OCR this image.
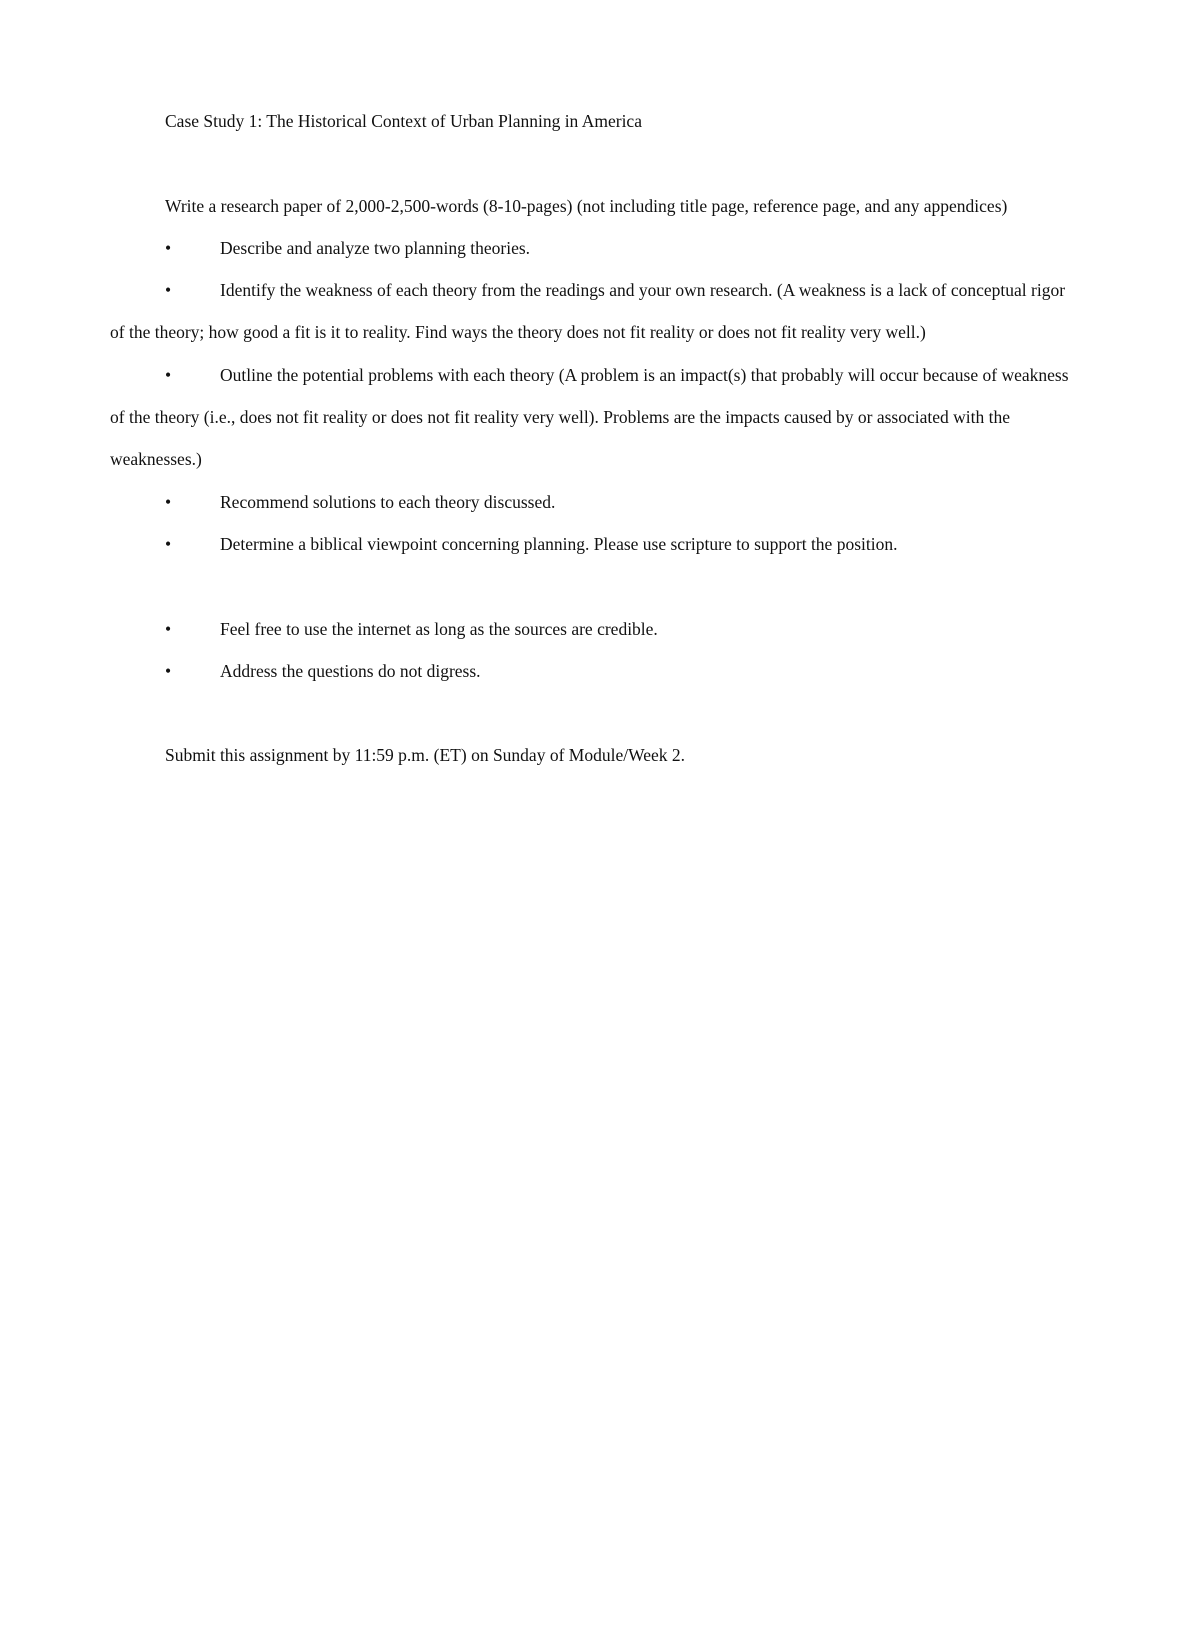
Case Study 1: The Historical Context of Urban Planning in America

Write a research paper of 2,000-2,500-words (8-10-pages) (not including title page, reference page, and any appendices)

•	Describe and analyze two planning theories.
•	Identify the weakness of each theory from the readings and your own research. (A weakness is a lack of conceptual rigor of the theory; how good a fit is it to reality. Find ways the theory does not fit reality or does not fit reality very well.)

•	Outline the potential problems with each theory (A problem is an impact(s) that probably will occur because of weakness of the theory (i.e., does not fit reality or does not fit reality very well). Problems are the impacts caused by or associated with the weaknesses.)

•	Recommend solutions to each theory discussed.
•	Determine a biblical viewpoint concerning planning. Please use scripture to support the position.
•	Feel free to use the internet as long as the sources are credible.
•	Address the questions do not digress.

Submit this assignment by 11:59 p.m. (ET) on Sunday of Module/Week 2.
